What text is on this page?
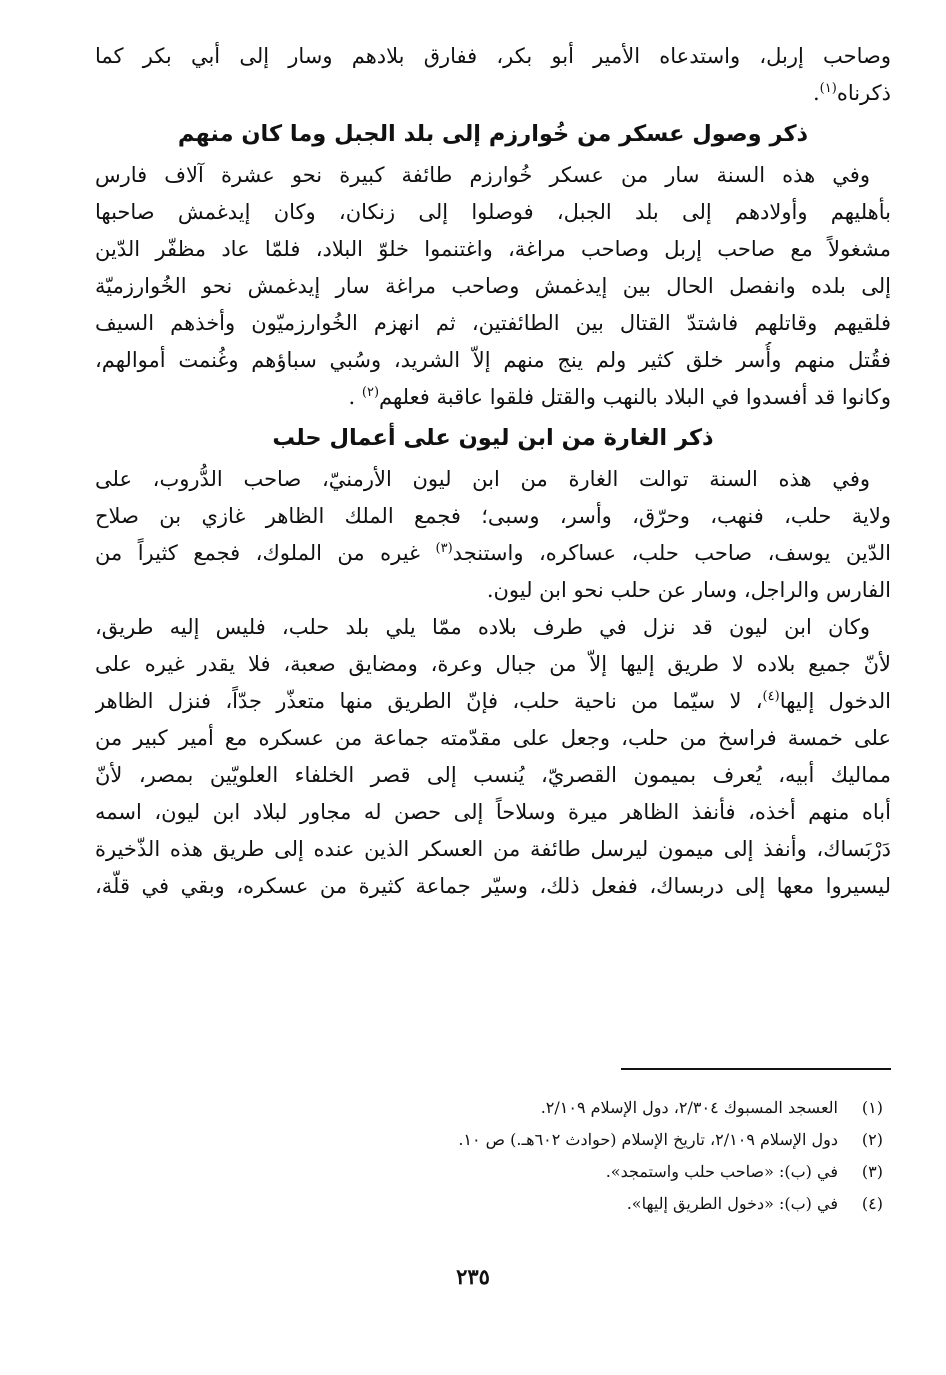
وصاحب إربل، واستدعاه الأمير أبو بكر، ففارق بلادهم وسار إلى أبي بكر كما
ذكرناه$^{(١)}$.
ذكر وصول عسكر من خُوارزم إلى بلد الجبل وما كان منهم
وفي هذه السنة سار من عسكر خُوارزم طائفة كبيرة نحو عشرة آلاف فارس
بأهليهم وأولادهم إلى بلد الجبل، فوصلوا إلى زنكان، وكان إيدغمش صاحبها
مشغولاً مع صاحب إربل وصاحب مراغة، واغتنموا خلوّ البلاد، فلمّا عاد مظفّر الدّين
إلى بلده وانفصل الحال بين إيدغمش وصاحب مراغة سار إيدغمش نحو الخُوارزميّة
فلقيهم وقاتلهم فاشتدّ القتال بين الطائفتين، ثم انهزم الخُوارزميّون وأخذهم السيف
فقُتل منهم وأُسر خلق كثير ولم ينج منهم إلاّ الشريد، وسُبي سباؤهم وغُنمت أموالهم،
وكانوا قد أفسدوا في البلاد بالنهب والقتل فلقوا عاقبة فعلهم$^{(٢)}$ .
ذكر الغارة من ابن ليون على أعمال حلب
وفي هذه السنة توالت الغارة من ابن ليون الأرمنيّ، صاحب الدُّروب، على
ولاية حلب، فنهب، وحرّق، وأسر، وسبى؛ فجمع الملك الظاهر غازي بن صلاح
الدّين يوسف، صاحب حلب، عساكره، واستنجد$^{(٣)}$ غيره من الملوك، فجمع كثيراً من
الفارس والراجل، وسار عن حلب نحو ابن ليون.
وكان ابن ليون قد نزل في طرف بلاده ممّا يلي بلد حلب، فليس إليه طريق،
لأنّ جميع بلاده لا طريق إليها إلاّ من جبال وعرة، ومضايق صعبة، فلا يقدر غيره على
الدخول إليها$^{(٤)}$، لا سيّما من ناحية حلب، فإنّ الطريق منها متعذّر جدّاً، فنزل الظاهر
على خمسة فراسخ من حلب، وجعل على مقدّمته جماعة من عسكره مع أمير كبير من
مماليك أبيه، يُعرف بميمون القصريّ، يُنسب إلى قصر الخلفاء العلويّين بمصر، لأنّ
أباه منهم أخذه، فأنفذ الظاهر ميرة وسلاحاً إلى حصن له مجاور لبلاد ابن ليون، اسمه
دَرْبَساك، وأنفذ إلى ميمون ليرسل طائفة من العسكر الذين عنده إلى طريق هذه الذّخيرة
ليسيروا معها إلى دربساك، ففعل ذلك، وسيّر جماعة كثيرة من عسكره، وبقي في قلّة،
(١)
العسجد المسبوك ٢/٣٠٤، دول الإسلام ٢/١٠٩.
(٢)
دول الإسلام ٢/١٠٩، تاريخ الإسلام (حوادث ٦٠٢هـ.) ص ١٠.
(٣)
في (ب): «صاحب حلب واستمجد».
(٤)
في (ب): «دخول الطريق إليها».
٢٣٥
